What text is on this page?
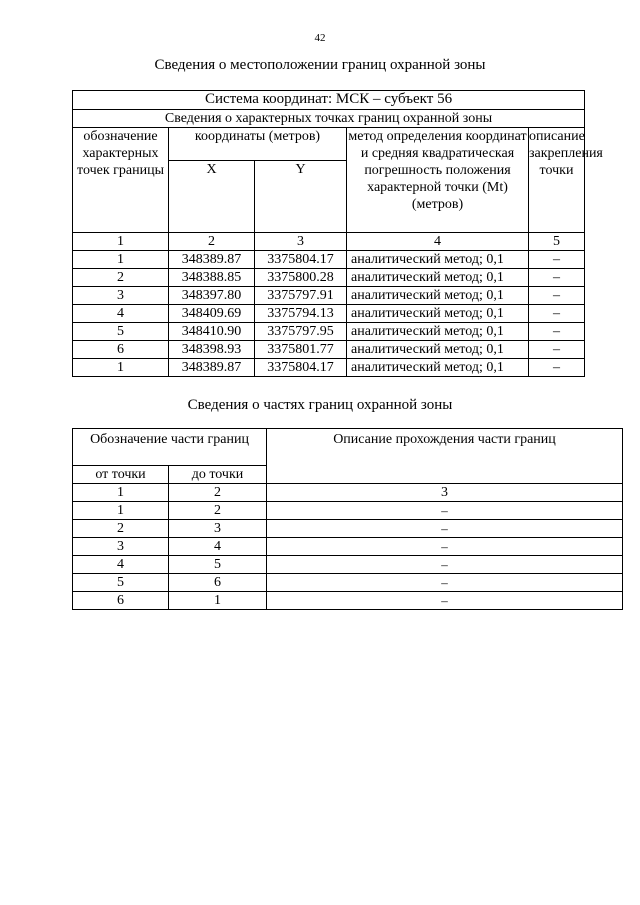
42
Сведения о местоположении границ охранной зоны
Система координат: МСК – субъект 56				
Сведения о характерных точках границ охранной зоны				
обозначение характерных точек границы	координаты (метров)		метод определения координат и средняя квадратическая погрешность положения характерной точки (Mt) (метров)	описание закрепления точки
	X	Y		
1	2	3	4	5
1	348389.87	3375804.17	аналитический метод; 0,1	–
2	348388.85	3375800.28	аналитический метод; 0,1	–
3	348397.80	3375797.91	аналитический метод; 0,1	–
4	348409.69	3375794.13	аналитический метод; 0,1	–
5	348410.90	3375797.95	аналитический метод; 0,1	–
6	348398.93	3375801.77	аналитический метод; 0,1	–
1	348389.87	3375804.17	аналитический метод; 0,1	–
Сведения о частях границ охранной зоны
Обозначение части границ		Описание прохождения части границ
от точки	до точки	
1	2	3
1	2	–
2	3	–
3	4	–
4	5	–
5	6	–
6	1	–
